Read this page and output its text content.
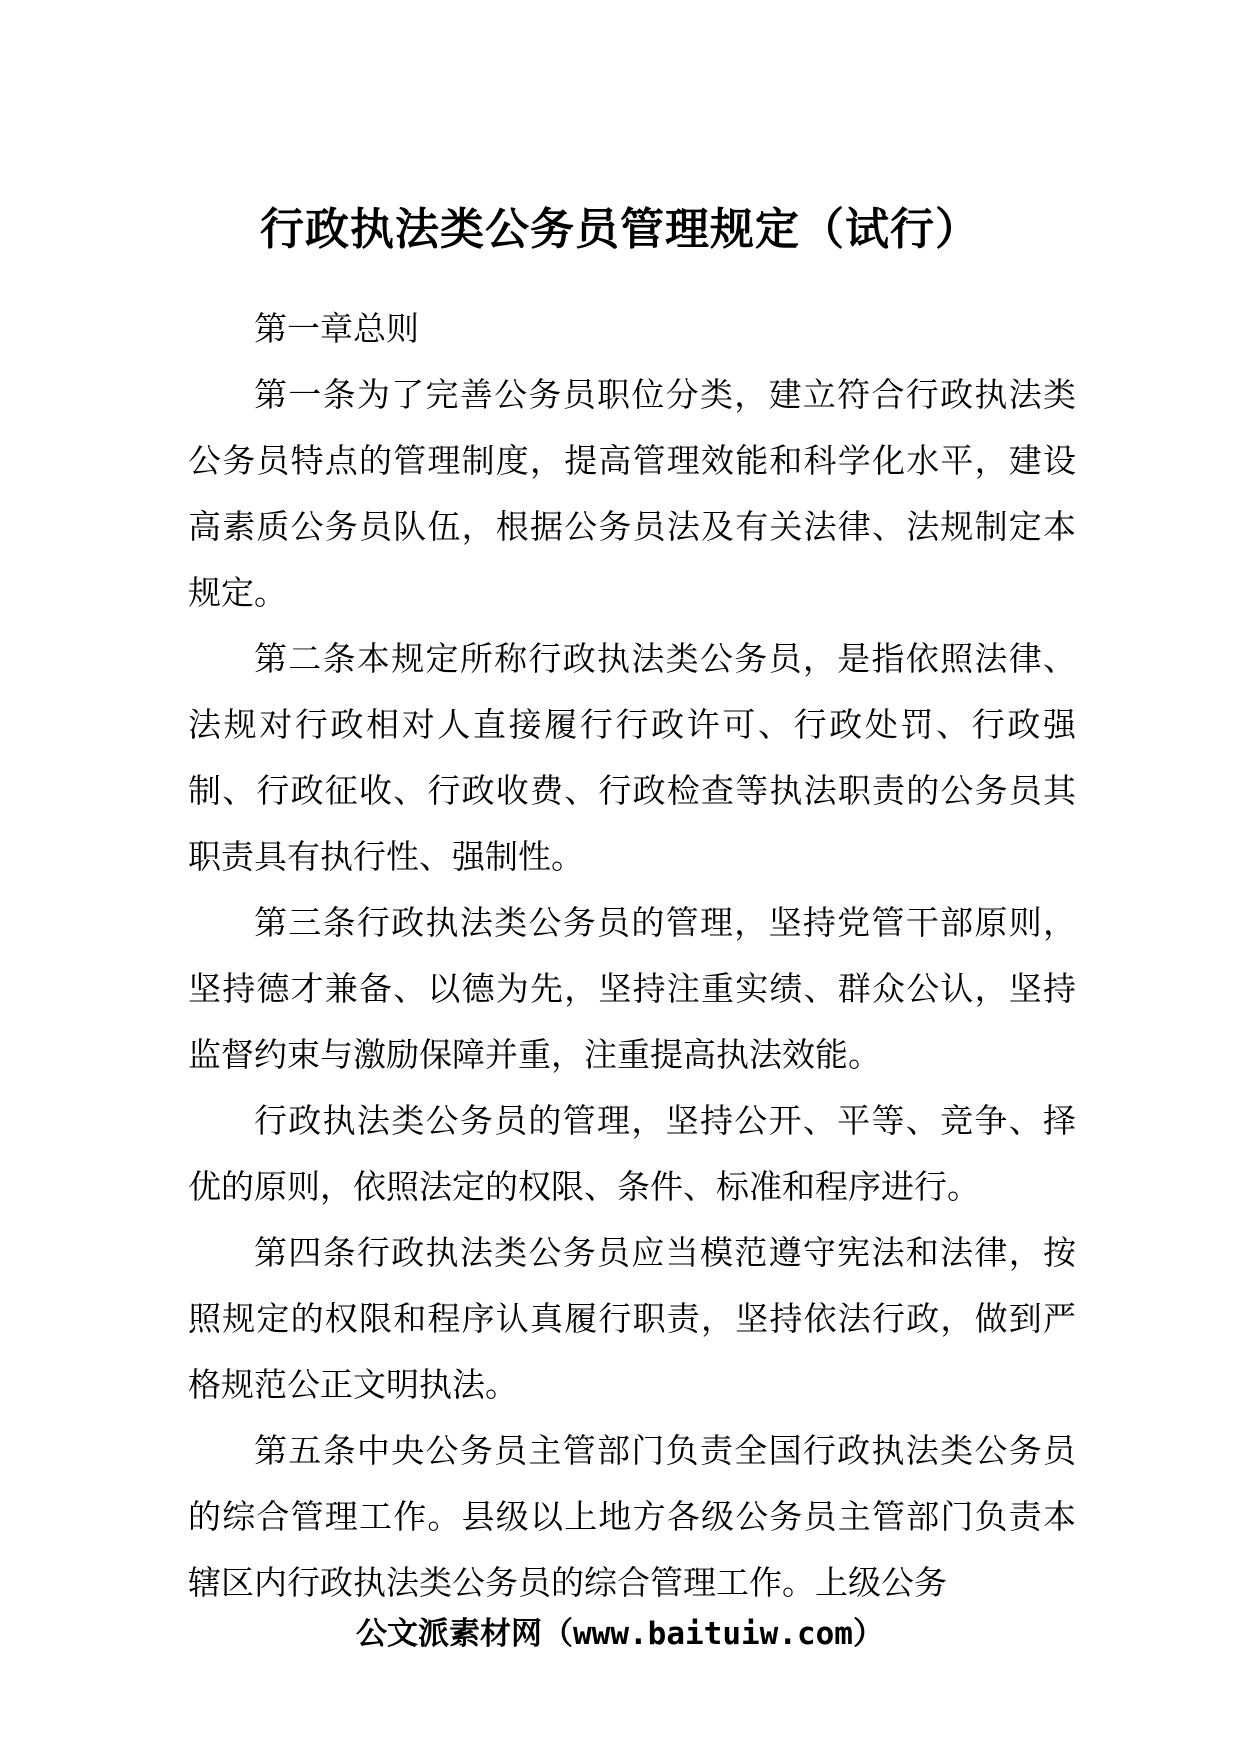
行政执法类公务员管理规定（试行）

第一章总则

第一条为了完善公务员职位分类，建立符合行政执法类公务员特点的管理制度，提高管理效能和科学化水平，建设高素质公务员队伍，根据公务员法及有关法律、法规制定本规定。

第二条本规定所称行政执法类公务员，是指依照法律、法规对行政相对人直接履行行政许可、行政处罚、行政强制、行政征收、行政收费、行政检查等执法职责的公务员其职责具有执行性、强制性。

第三条行政执法类公务员的管理，坚持党管干部原则，坚持德才兼备、以德为先，坚持注重实绩、群众公认，坚持监督约束与激励保障并重，注重提高执法效能。

行政执法类公务员的管理，坚持公开、平等、竞争、择优的原则，依照法定的权限、条件、标准和程序进行。

第四条行政执法类公务员应当模范遵守宪法和法律，按照规定的权限和程序认真履行职责，坚持依法行政，做到严格规范公正文明执法。

第五条中央公务员主管部门负责全国行政执法类公务员的综合管理工作。县级以上地方各级公务员主管部门负责本辖区内行政执法类公务员的综合管理工作。上级公务

公文派素材网（www.baituiw.com）
